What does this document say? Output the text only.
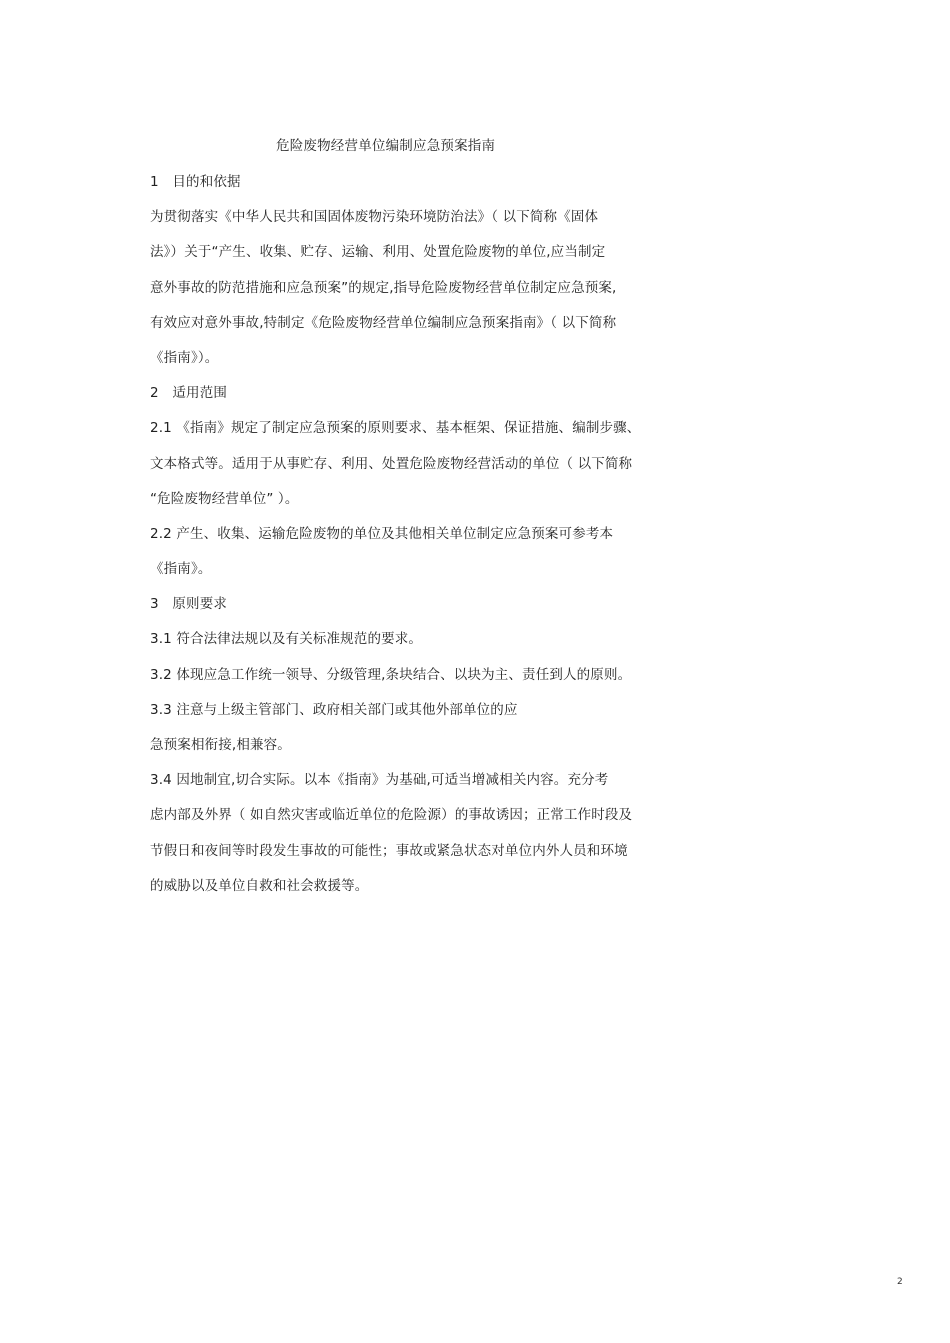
危险废物经营单位编制应急预案指南
1　目的和依据
为贯彻落实《中华人民共和国固体废物污染环境防治法》（ 以下简称《固体
法》）关于“产生、收集、贮存、运输、利用、处置危险废物的单位,应当制定
意外事故的防范措施和应急预案”的规定,指导危险废物经营单位制定应急预案,
有效应对意外事故,特制定《危险废物经营单位编制应急预案指南》（ 以下简称
《指南》）。
2　适用范围
2.1 《指南》规定了制定应急预案的原则要求、基本框架、保证措施、编制步骤、
文本格式等。适用于从事贮存、利用、处置危险废物经营活动的单位（ 以下简称
“危险废物经营单位” ）。
2.2 产生、收集、运输危险废物的单位及其他相关单位制定应急预案可参考本
《指南》。
3　原则要求
3.1 符合法律法规以及有关标准规范的要求。
3.2 体现应急工作统一领导、分级管理,条块结合、以块为主、责任到人的原则。
3.3 注意与上级主管部门、政府相关部门或其他外部单位的应
急预案相衔接,相兼容。
3.4 因地制宜,切合实际。以本《指南》为基础,可适当增减相关内容。充分考
虑内部及外界（ 如自然灾害或临近单位的危险源）的事故诱因；正常工作时段及
节假日和夜间等时段发生事故的可能性；事故或紧急状态对单位内外人员和环境
的威胁以及单位自救和社会救援等。
2
